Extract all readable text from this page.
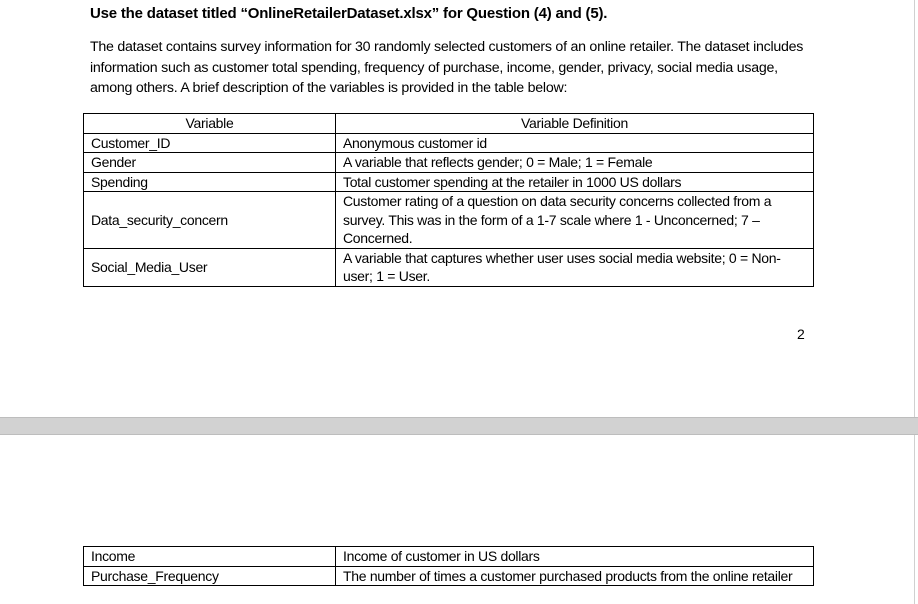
Use the dataset titled “OnlineRetailerDataset.xlsx” for Question (4) and (5).
The dataset contains survey information for 30 randomly selected customers of an online retailer. The dataset includes information such as customer total spending, frequency of purchase, income, gender, privacy, social media usage, among others. A brief description of the variables is provided in the table below:
Variable	Variable Definition
Customer_ID	Anonymous customer id
Gender	A variable that reflects gender; 0 = Male; 1 = Female
Spending	Total customer spending at the retailer in 1000 US dollars
Data_security_concern	Customer rating of a question on data security concerns collected from a survey. This was in the form of a 1-7 scale where 1 - Unconcerned; 7 – Concerned.
Social_Media_User	A variable that captures whether user uses social media website; 0 = Non-user; 1 = User.
2
Income	Income of customer in US dollars
Purchase_Frequency	The number of times a customer purchased products from the online retailer
